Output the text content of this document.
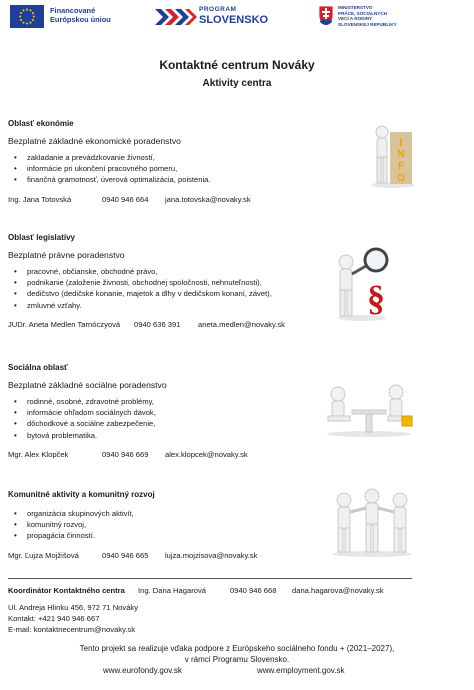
Financované
Európskou úniou
PROGRAM
SLOVENSKO
MINISTERSTVO
PRÁCE, SOCIÁLNYCH
VECÍ A RODINY
SLOVENSKEJ REPUBLIKY
Kontaktné centrum Nováky
Aktivity centra
Oblasť ekonómie
Bezplatné základné ekonomické poradenstvo
• zakladanie a prevádzkovanie živností,
• informácie pri ukončení pracovného pomeru,
• finančná gramotnosť, úverová optimalizácia, poistenia.
Ing. Jana Totovská	0940 946 664 jana.totovska@novaky.sk
I
N
F
O
Oblasť legislatívy
Bezplatné právne poradenstvo
• pracovné, občianske, obchodné právo,
• podnikanie (založenie živnosti, obchodnej spoločnosti, nehnuteľnosti),
• dedičstvo (dedičské konanie, majetok a dlhy v dedičskom konaní, závet),
• zmluvné vzťahy.
JUDr. Aneta Medlen Tarnóczyová 0940 636 391 aneta.medlen@novaky.sk
§
Sociálna oblasť
Bezplatné základné sociálne poradenstvo
• rodinné, osobné, zdravotné problémy,
• informácie ohľadom sociálnych dávok,
• dôchodkové a sociálne zabezpečenie,
• bytová problematika.
Mgr. Alex Klopček	0940 946 669 alex.klopcek@novaky.sk
Komunitné aktivity a komunitný rozvoj
• organizácia skupinových aktivít,
• komunitný rozvoj,
• propagácia činností.
Mgr. Ľujza Mojžišová	0940 946 665 lujza.mojzisova@novaky.sk
Koordinátor Kontaktného centra Ing. Dana Hagarová	0940 946 668 dana.hagarova@novaky.sk
Ul. Andreja Hlinku 456, 972 71 Nováky
Kontakt: +421 940 946 667
E-mail: kontaktnecentrum@novaky.sk
Tento projekt sa realizuje vďaka podpore z Európskeho sociálneho fondu + (2021–2027),
v rámci Programu Slovensko.
www.eurofondy.gov.sk	www.employment.gov.sk
